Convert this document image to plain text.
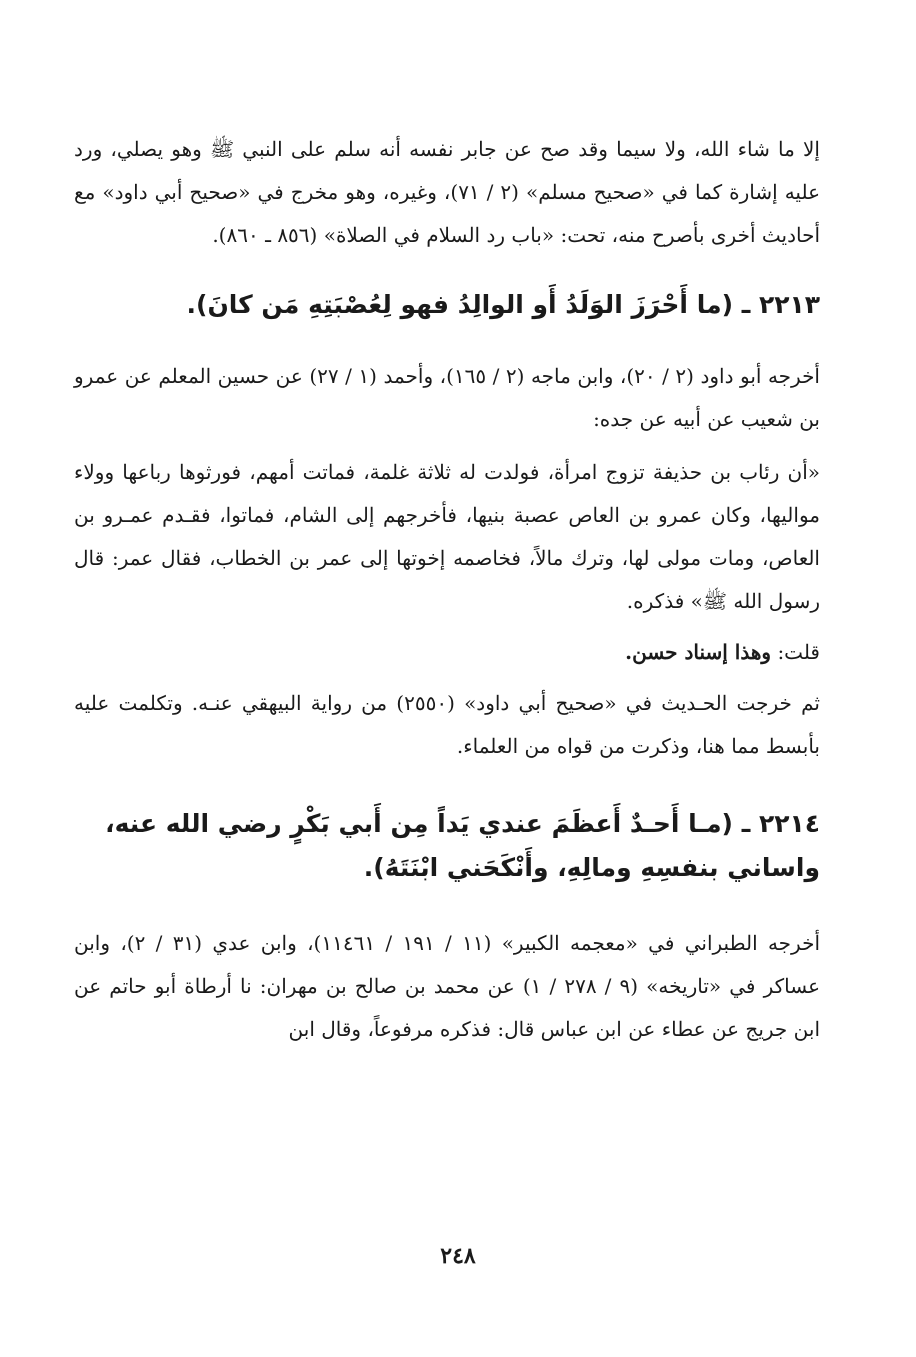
إلا ما شاء الله، ولا سيما وقد صح عن جابر نفسه أنه سلم على النبي ﷺ وهو يصلي، ورد عليه إشارة كما في «صحيح مسلم» (٢ / ٧١)، وغيره، وهو مخرج في «صحيح أبي داود» مع أحاديث أخرى بأصرح منه، تحت: «باب رد السلام في الصلاة» (٨٥٦ ـ ٨٦٠).

٢٢١٣ ـ (ما أَحْرَزَ الوَلَدُ أَو الوالِدُ فهو لِعُصْبَتِهِ مَن كانَ).

أخرجه أبو داود (٢ / ٢٠)، وابن ماجه (٢ / ١٦٥)، وأحمد (١ / ٢٧) عن حسين المعلم عن عمرو بن شعيب عن أبيه عن جده:

«أن رئاب بن حذيفة تزوج امرأة، فولدت له ثلاثة غلمة، فماتت أمهم، فورثوها رباعها وولاء مواليها، وكان عمرو بن العاص عصبة بنيها، فأخرجهم إلى الشام، فماتوا، فقـدم عمـرو بن العاص، ومات مولى لها، وترك مالاً، فخاصمه إخوتها إلى عمر بن الخطاب، فقال عمر: قال رسول الله ﷺ» فذكره.

قلت: وهذا إسناد حسن.

ثم خرجت الحـديث في «صحيح أبي داود» (٢٥٥٠) من رواية البيهقي عنـه. وتكلمت عليه بأبسط مما هنا، وذكرت من قواه من العلماء.

٢٢١٤ ـ (مـا أَحـدٌ أَعظَمَ عندي يَداً مِن أَبي بَكْرٍ رضي الله عنه، واساني بنفسِهِ ومالِهِ، وأَنْكَحَني ابْنَتَهُ).

أخرجه الطبراني في «معجمه الكبير» (١١ / ١٩١ / ١١٤٦١)، وابن عدي (٣١ / ٢)، وابن عساكر في «تاريخه» (٩ / ٢٧٨ / ١) عن محمد بن صالح بن مهران: نا أرطاة أبو حاتم عن ابن جريج عن عطاء عن ابن عباس قال: فذكره مرفوعاً، وقال ابن

٢٤٨
